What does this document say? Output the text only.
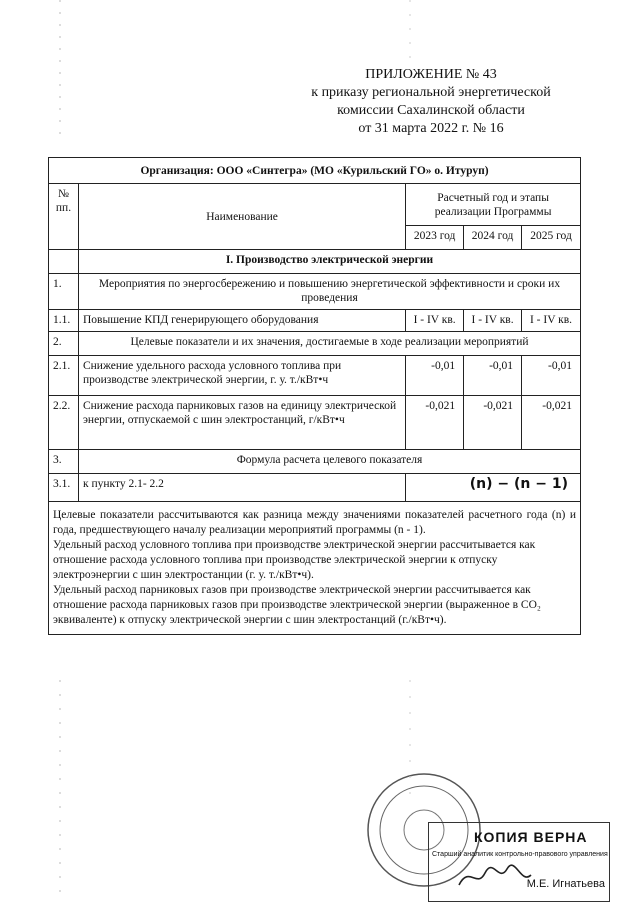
ПРИЛОЖЕНИЕ № 43
к приказу региональной энергетической
комиссии Сахалинской области
от 31 марта 2022 г. № 16
Организация: ООО «Синтегра» (МО «Курильский ГО» о. Итуруп)				
№ пп.	Наименование	Расчетный год и этапы реализации Программы		
		2023 год	2024 год	2025 год
	I. Производство электрической энергии			
1.	Мероприятия по энергосбережению и повышению энергетической эффективности и сроки их проведения			
1.1.	Повышение КПД генерирующего оборудования	I - IV кв.	I - IV кв.	I - IV кв.
2.	Целевые показатели и их значения, достигаемые в ходе реализации мероприятий			
2.1.	Снижение удельного расхода условного топлива при производстве электрической энергии, г. у. т./кВт•ч	-0,01	-0,01	-0,01
2.2.	Снижение расхода парниковых газов на единицу электрической энергии, отпускаемой с шин электростанций, г/кВт•ч	-0,021	-0,021	-0,021
3.	Формула расчета целевого показателя			
3.1.	к пункту 2.1- 2.2	(n) − (n − 1)		

Целевые показатели рассчитываются как разница между значениями показателей расчетного года (n) и года, предшествующего началу реализации мероприятий программы (n - 1).

Удельный расход условного топлива при производстве электрической энергии рассчитывается как отношение расхода условного топлива при производстве электрической энергии к отпуску электроэнергии с шин электростанции (г. у. т./кВт•ч).

Удельный расход парниковых газов при производстве электрической энергии рассчитывается как отношение расхода парниковых газов при производстве электрической энергии (выраженное в CO₂ эквиваленте) к отпуску электрической энергии с шин электростанций (г./кВт•ч).				

КОПИЯ ВЕРНА
Старший аналитик контрольно-правового управления
М.Е. Игнатьева
